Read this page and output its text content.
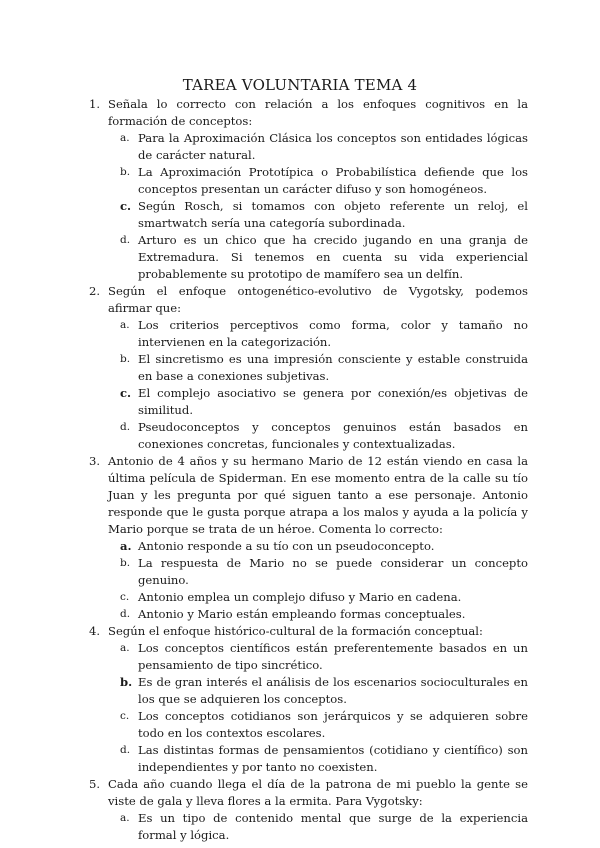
TAREA VOLUNTARIA TEMA 4
1. Señala lo correcto con relación a los enfoques cognitivos en la formación de conceptos:
a. Para la Aproximación Clásica los conceptos son entidades lógicas de carácter natural.
b. La Aproximación Prototípica o Probabilística defiende que los conceptos presentan un carácter difuso y son homogéneos.
c. Según Rosch, si tomamos con objeto referente un reloj, el smartwatch sería una categoría subordinada.
d. Arturo es un chico que ha crecido jugando en una granja de Extremadura. Si tenemos en cuenta su vida experiencial probablemente su prototipo de mamífero sea un delfín.
2. Según el enfoque ontogenético-evolutivo de Vygotsky, podemos afirmar que:
a. Los criterios perceptivos como forma, color y tamaño no intervienen en la categorización.
b. El sincretismo es una impresión consciente y estable construida en base a conexiones subjetivas.
c. El complejo asociativo se genera por conexión/es objetivas de similitud.
d. Pseudoconceptos y conceptos genuinos están basados en conexiones concretas, funcionales y contextualizadas.
3. Antonio de 4 años y su hermano Mario de 12 están viendo en casa la última película de Spiderman. En ese momento entra de la calle su tío Juan y les pregunta por qué siguen tanto a ese personaje. Antonio responde que le gusta porque atrapa a los malos y ayuda a la policía y Mario porque se trata de un héroe. Comenta lo correcto:
a. Antonio responde a su tío con un pseudoconcepto.
b. La respuesta de Mario no se puede considerar un concepto genuino.
c. Antonio emplea un complejo difuso y Mario en cadena.
d. Antonio y Mario están empleando formas conceptuales.
4. Según el enfoque histórico-cultural de la formación conceptual:
a. Los conceptos científicos están preferentemente basados en un pensamiento de tipo sincrético.
b. Es de gran interés el análisis de los escenarios socioculturales en los que se adquieren los conceptos.
c. Los conceptos cotidianos son jerárquicos y se adquieren sobre todo en los contextos escolares.
d. Las distintas formas de pensamientos (cotidiano y científico) son independientes y por tanto no coexisten.
5. Cada año cuando llega el día de la patrona de mi pueblo la gente se viste de gala y lleva flores a la ermita. Para Vygotsky:
a. Es un tipo de contenido mental que surge de la experiencia formal y lógica.
